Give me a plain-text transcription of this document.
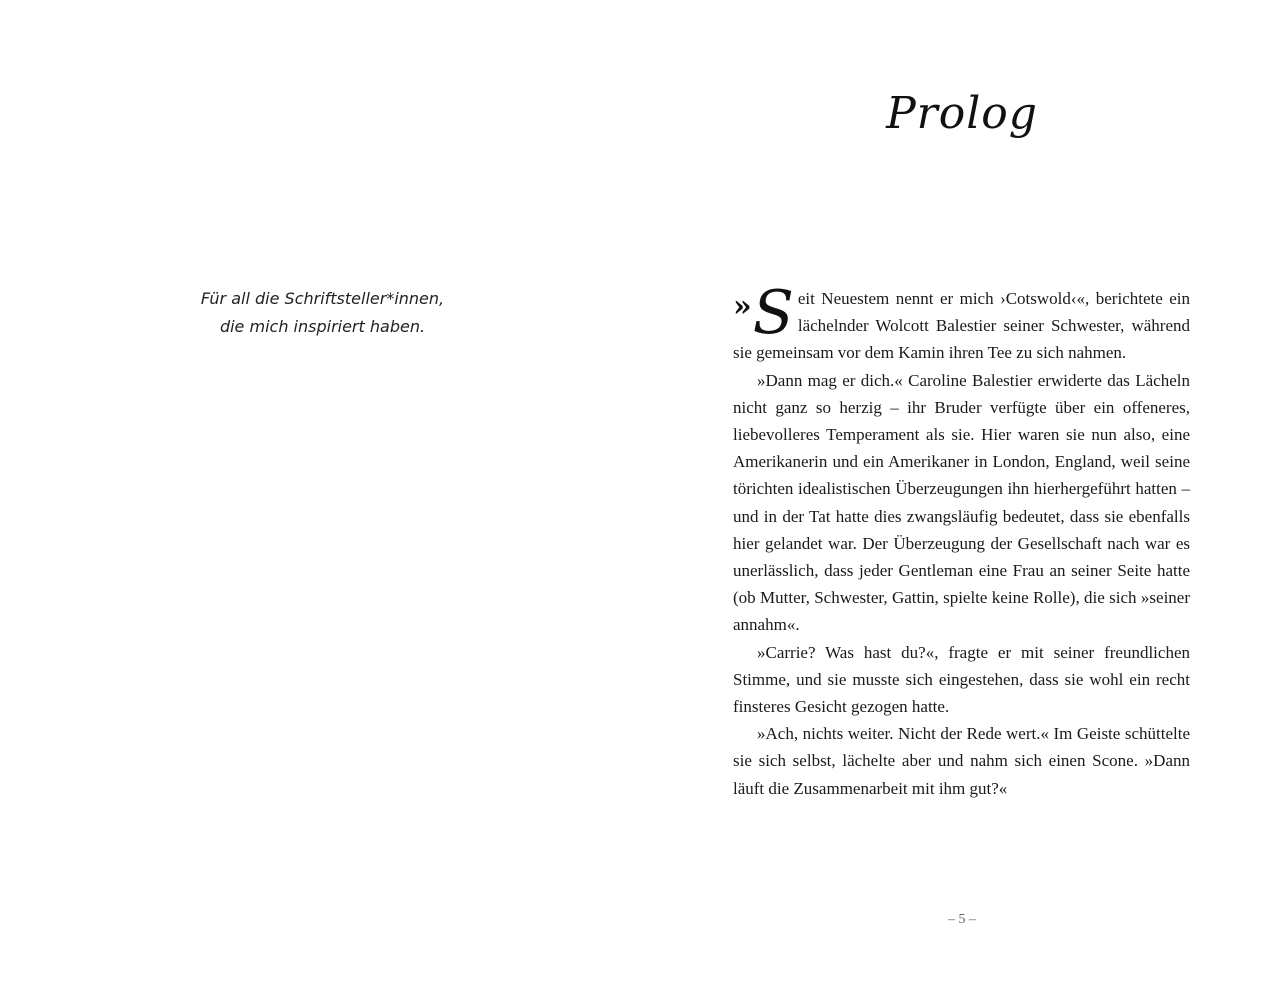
Für all die Schriftsteller*innen,
die mich inspiriert haben.
Prolog

» S eit Neuestem nennt er mich ›Cotswold‹«, berichtete ein lächelnder Wolcott Balestier seiner Schwester, während sie gemeinsam vor dem Kamin ihren Tee zu sich nahmen.

»Dann mag er dich.« Caroline Balestier erwiderte das Lächeln nicht ganz so herzig – ihr Bruder verfügte über ein offeneres, liebevolleres Temperament als sie. Hier waren sie nun also, eine Amerikanerin und ein Amerikaner in London, England, weil seine törichten idealistischen Überzeugungen ihn hierhergeführt hatten – und in der Tat hatte dies zwangsläufig bedeutet, dass sie ebenfalls hier gelandet war. Der Überzeugung der Gesellschaft nach war es unerlässlich, dass jeder Gentleman eine Frau an seiner Seite hatte (ob Mutter, Schwester, Gattin, spielte keine Rolle), die sich »seiner annahm«.

»Carrie? Was hast du?«, fragte er mit seiner freundlichen Stimme, und sie musste sich eingestehen, dass sie wohl ein recht finsteres Gesicht gezogen hatte.

»Ach, nichts weiter. Nicht der Rede wert.« Im Geiste schüttelte sie sich selbst, lächelte aber und nahm sich einen Scone. »Dann läuft die Zusammenarbeit mit ihm gut?«

– 5 –
